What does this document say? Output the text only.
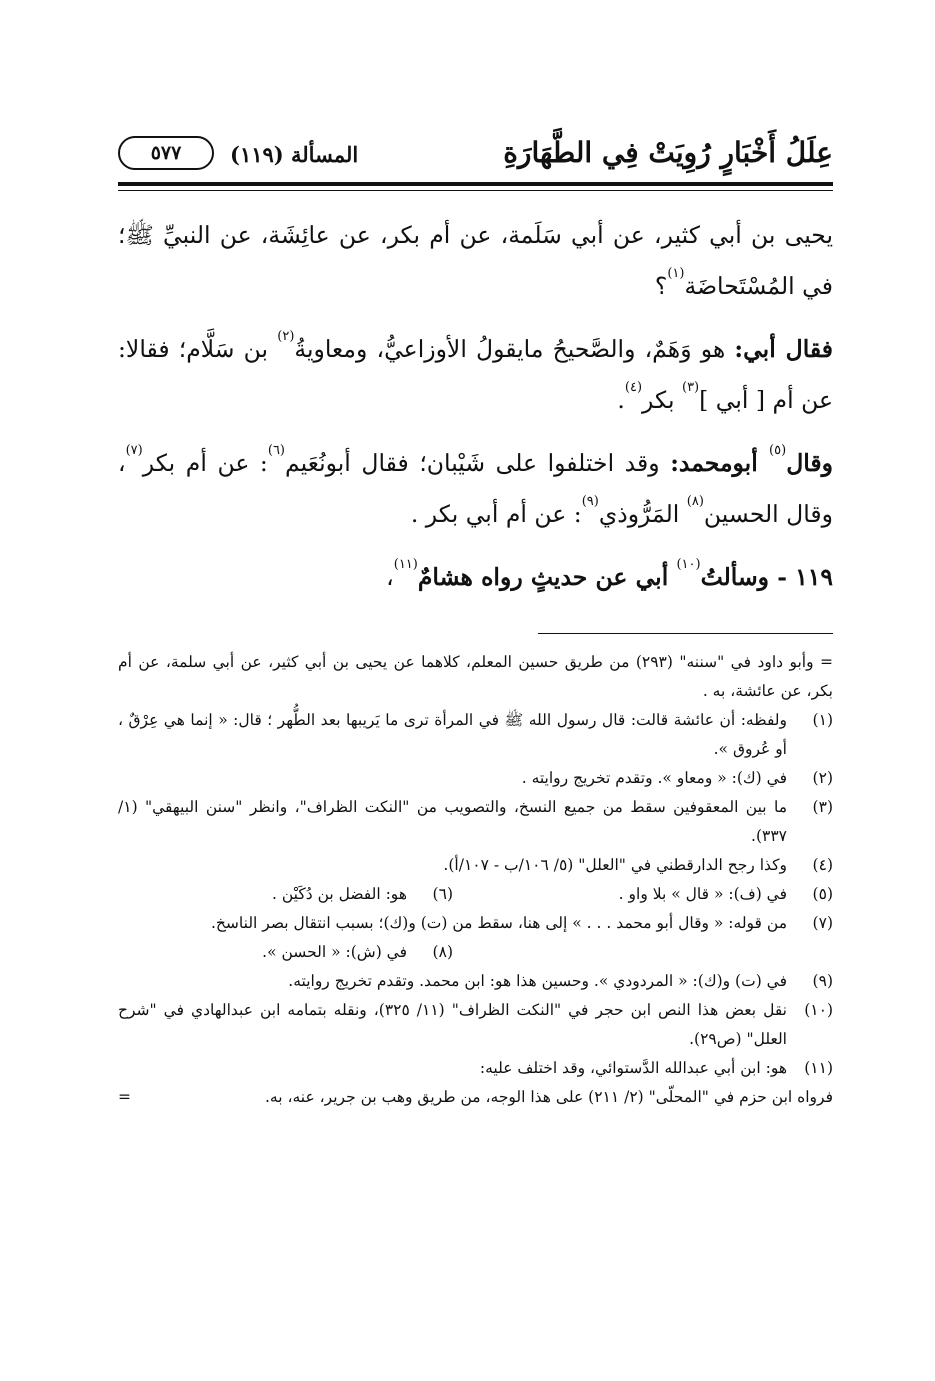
عِلَلُ أَخْبَارٍ رُوِيَتْ فِي الطَّهَارَةِ
المسألة (١١٩)
٥٧٧

يحيى بن أبي كثير، عن أبي سَلَمة، عن أم بكر، عن عائِشَة، عن النبيِّ ﷺ؛ في المُسْتَحاضَة$^{(١)}$؟

فقال أبي: هو وَهَمٌ، والصَّحيحُ مايقولُ الأوزاعيُّ، ومعاويةُ$^{(٢)}$ بن سَلَّام؛ فقالا: عن أم [ أبي ]$^{(٣)}$ بكر$^{(٤)}$.

وقال$^{(٥)}$ أبومحمد: وقد اختلفوا على شَيْبان؛ فقال أبونُعَيم$^{(٦)}$: عن أم بكر$^{(٧)}$، وقال الحسين$^{(٨)}$ المَرُّوذي$^{(٩)}$: عن أم أبي بكر .

١١٩ - وسألتُ$^{(١٠)}$ أبي عن حديثٍ رواه هشامٌ$^{(١١)}$،

= وأبو داود في "سننه" (٢٩٣) من طريق حسين المعلم، كلاهما عن يحيى بن أبي كثير، عن أبي سلمة، عن أم بكر، عن عائشة، به .
(١)
ولفظه: أن عائشة قالت: قال رسول الله ﷺ في المرأة ترى ما يَريبها بعد الطُّهر ؛ قال: « إنما هي عِرْقٌ ، أو عُروق ».
(٢)
في (ك): « ومعاو ». وتقدم تخريج روايته .
(٣)
ما بين المعقوفين سقط من جميع النسخ، والتصويب من "النكت الظراف"، وانظر "سنن البيهقي" (١/ ٣٣٧).
(٤)
وكذا رجح الدارقطني في "العلل" (٥/ ١٠٦/ب - ١٠٧/أ).
(٥)
في (ف): « قال » بلا واو .
(٦)
هو: الفضل بن دُكَيْن .
(٧)
من قوله: « وقال أبو محمد . . . » إلى هنا، سقط من (ت) و(ك)؛ بسبب انتقال بصر الناسخ.
(٨)
في (ش): « الحسن ».
(٩)
في (ت) و(ك): « المردودي ». وحسين هذا هو: ابن محمد. وتقدم تخريج روايته.
(١٠)
نقل بعض هذا النص ابن حجر في "النكت الظراف" (١١/ ٣٢٥)، ونقله بتمامه ابن عبدالهادي في "شرح العلل" (ص٢٩).
(١١)
هو: ابن أبي عبدالله الدَّستوائي، وقد اختلف عليه:
فرواه ابن حزم في "المحلّى" (٢/ ٢١١) على هذا الوجه، من طريق وهب بن جرير، عنه، به.
=
